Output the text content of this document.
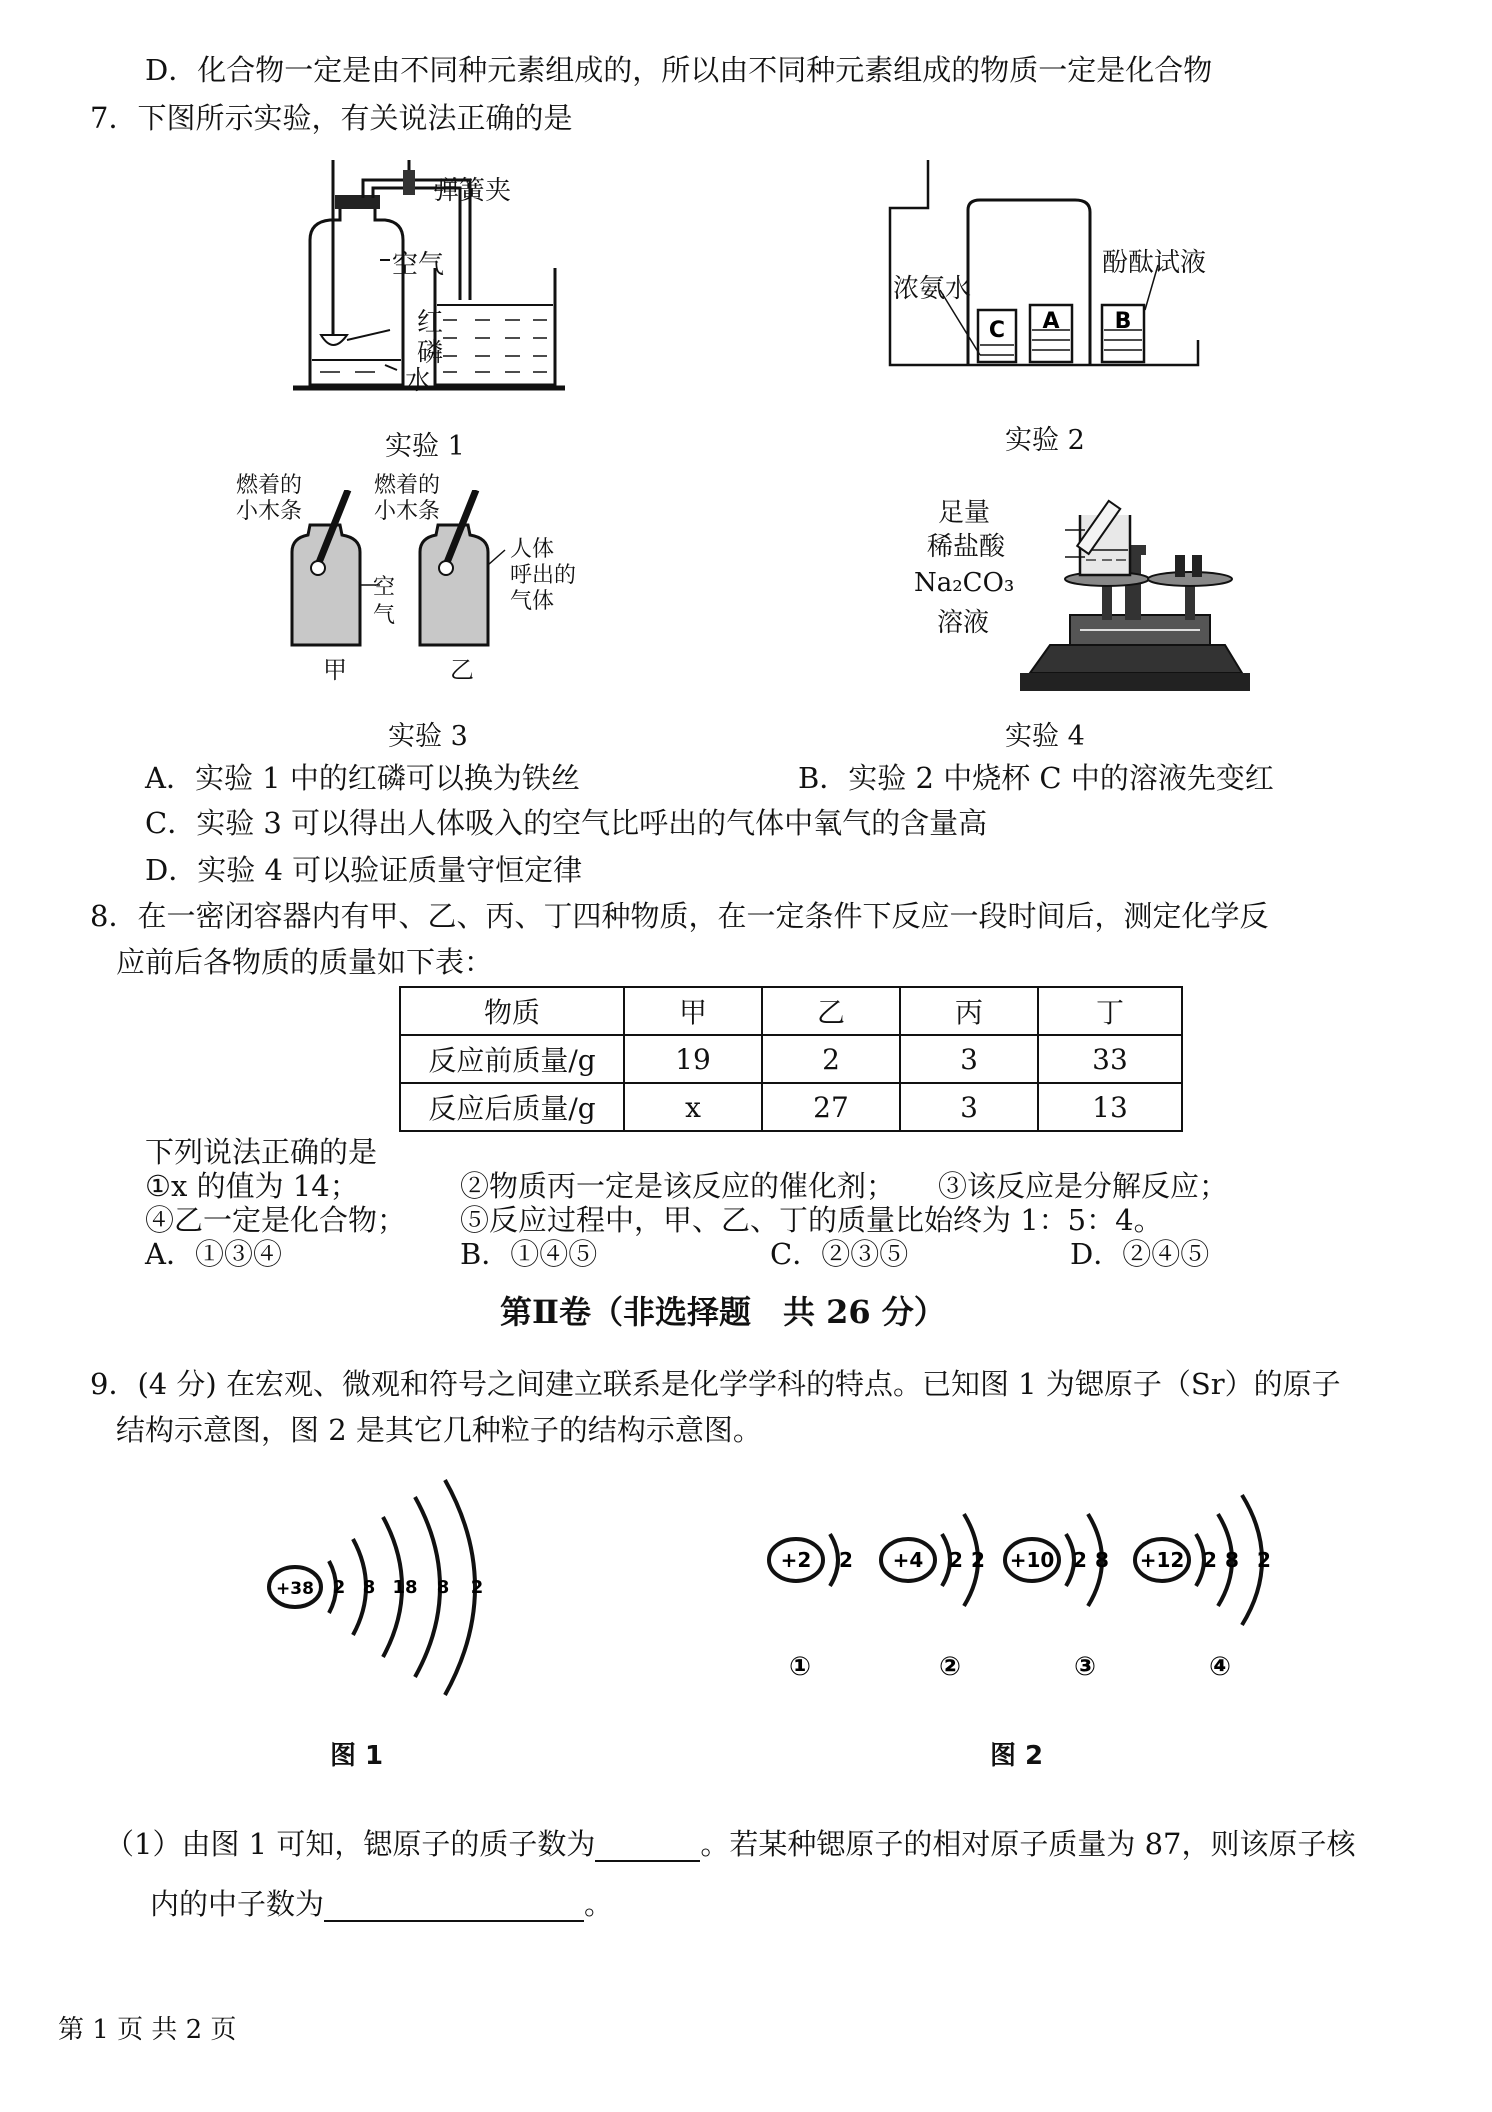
D．化合物一定是由不同种元素组成的，所以由不同种元素组成的物质一定是化合物
7．下图所示实验，有关说法正确的是
弹簧夹
空气
红
磷
水
实验 1
C A	B
浓氨水
酚酞试液
实验 2
燃着的
小木条
燃着的
小木条
空
气
人体
呼出的
气体
甲	乙
实验 3
足量
稀盐酸
Na₂CO₃
溶液
实验 4
A．实验 1 中的红磷可以换为铁丝	B．实验 2 中烧杯 C 中的溶液先变红
C．实验 3 可以得出人体吸入的空气比呼出的气体中氧气的含量高
D．实验 4 可以验证质量守恒定律
8．在一密闭容器内有甲、乙、丙、丁四种物质，在一定条件下反应一段时间后，测定化学反
应前后各物质的质量如下表：
物质	甲	乙	丙	丁
反应前质量/g	19	2	3	33
反应后质量/g	x	27	3	13
下列说法正确的是
①x 的值为 14；	②物质丙一定是该反应的催化剂； ③该反应是分解反应；
④乙一定是化合物； ⑤反应过程中，甲、乙、丁的质量比始终为 1：5：4。
A．①③④	B．①④⑤	C．②③⑤	D．②④⑤
第Ⅱ卷（非选择题　共 26 分）
9．(4 分) 在宏观、微观和符号之间建立联系是化学学科的特点。已知图 1 为锶原子（Sr）的原子
结构示意图，图 2 是其它几种粒子的结构示意图。
+38 2 8 18 8 2
图 1
+2	+4	+10	+12
2	2 2	2 8	2 8 2
①	②	③	④
图 2
（1）由图 1 可知，锶原子的质子数为	。若某种锶原子的相对原子质量为 87，则该原子核
内的中子数为	。
第 1 页 共 2 页
